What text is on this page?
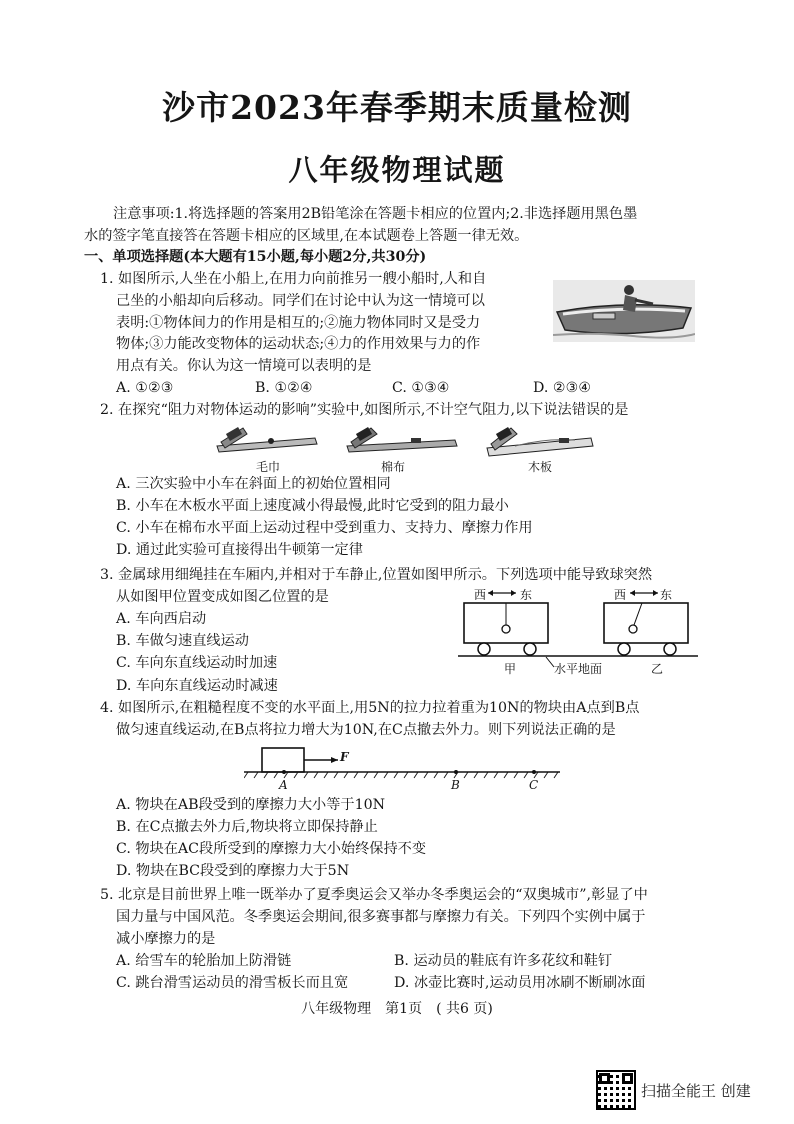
沙市2023年春季期末质量检测
八年级物理试题
注意事项:1.将选择题的答案用2B铅笔涂在答题卡相应的位置内;2.非选择题用黑色墨
水的签字笔直接答在答题卡相应的区域里,在本试题卷上答题一律无效。
一、单项选择题(本大题有15小题,每小题2分,共30分)
1. 如图所示,人坐在小船上,在用力向前推另一艘小船时,人和自
己坐的小船却向后移动。同学们在讨论中认为这一情境可以
表明:①物体间力的作用是相互的;②施力物体同时又是受力
物体;③力能改变物体的运动状态;④力的作用效果与力的作
用点有关。你认为这一情境可以表明的是
A. ①②③	B. ①②④	C. ①③④	D. ②③④
2. 在探究“阻力对物体运动的影响”实验中,如图所示,不计空气阻力,以下说法错误的是
毛巾	棉布	木板
A. 三次实验中小车在斜面上的初始位置相同
B. 小车在木板水平面上速度减小得最慢,此时它受到的阻力最小
C. 小车在棉布水平面上运动过程中受到重力、支持力、摩擦力作用
D. 通过此实验可直接得出牛顿第一定律
3. 金属球用细绳挂在车厢内,并相对于车静止,位置如图甲所示。下列选项中能导致球突然
从如图甲位置变成如图乙位置的是
A. 车向西启动
B. 车做匀速直线运动
C. 车向东直线运动时加速
D. 车向东直线运动时减速
西	东	西	东
甲	水平地面	乙
4. 如图所示,在粗糙程度不变的水平面上,用5N的拉力拉着重为10N的物块由A点到B点
做匀速直线运动,在B点将拉力增大为10N,在C点撤去外力。则下列说法正确的是
F
A	B	C
A. 物块在AB段受到的摩擦力大小等于10N
B. 在C点撤去外力后,物块将立即保持静止
C. 物块在AC段所受到的摩擦力大小始终保持不变
D. 物块在BC段受到的摩擦力大于5N
5. 北京是目前世界上唯一既举办了夏季奥运会又举办冬季奥运会的“双奥城市”,彰显了中
国力量与中国风范。冬季奥运会期间,很多赛事都与摩擦力有关。下列四个实例中属于
减小摩擦力的是
A. 给雪车的轮胎加上防滑链	B. 运动员的鞋底有许多花纹和鞋钉
C. 跳台滑雪运动员的滑雪板长而且宽	D. 冰壶比赛时,运动员用冰刷不断刷冰面
八年级物理　第1页　( 共6 页)
扫描全能王 创建
